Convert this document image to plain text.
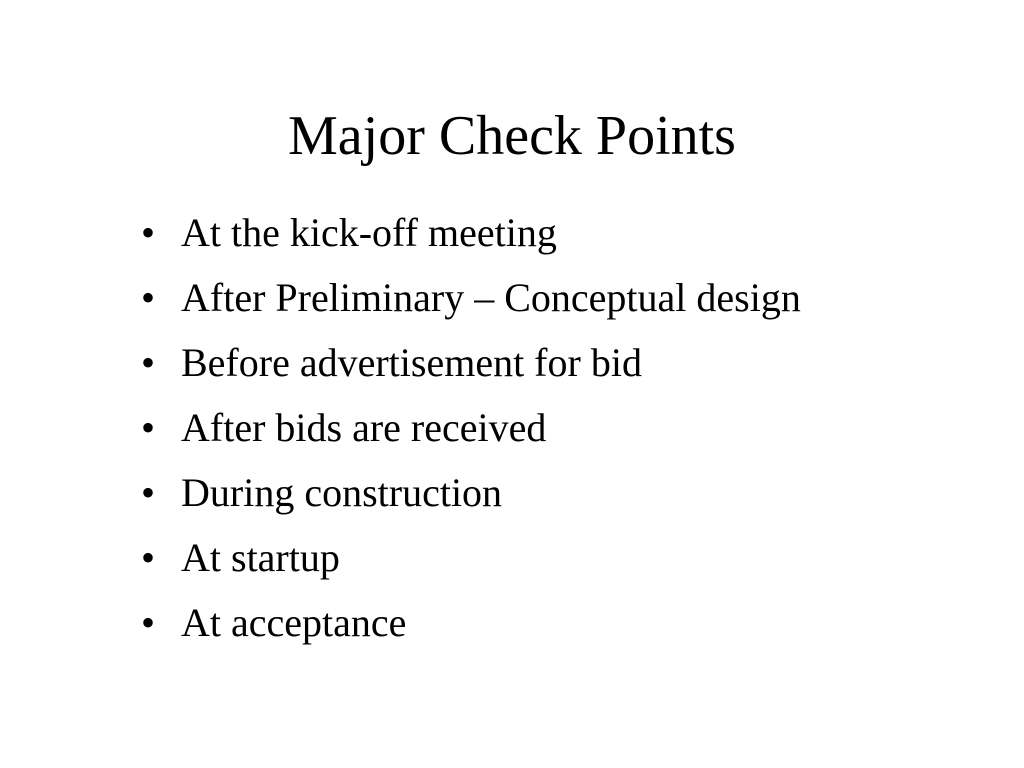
Major Check Points
• At the kick-off meeting
• After Preliminary – Conceptual design
• Before advertisement for bid
• After bids are received
• During construction
• At startup
• At acceptance
